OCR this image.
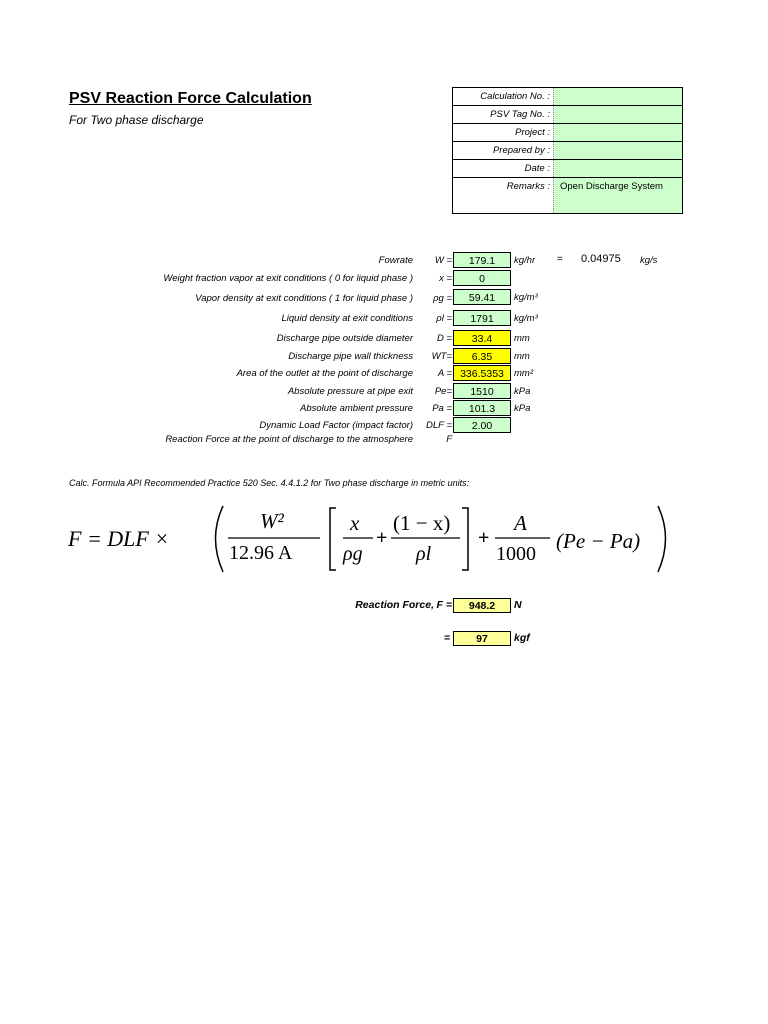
PSV Reaction Force Calculation
For Two phase discharge
Calculation No. :
PSV Tag No. :
Project :
Prepared by :
Date :
Remarks :	Open Discharge System
Fowrate W =	179.1	kg/hr = 0.04975 kg/s
Weight fraction vapor at exit conditions ( 0 for liquid phase )	x =	0
Vapor density at exit conditions ( 1 for liquid phase ) ρg =	59.41	kg/m³
Liquid density at exit conditions ρl =	1791	kg/m³
Discharge pipe outside diameter	D =	33.4	mm
Discharge pipe wall thickness WT=	6.35	mm
Area of the outlet at the point of discharge	A = 336.5353	mm²
Absolute pressure at pipe exit Pe=	1510	kPa
Absolute ambient pressure Pa =	101.3	kPa
Dynamic Load Factor (impact factor) DLF =	2.00
Reaction Force at the point of discharge to the atmosphere	F
Calc. Formula API Recommended Practice 520 Sec. 4.4.1.2 for Two phase discharge in metric units:
F = DLF ×
W²
12.96 A
x
ρg
+
(1 − x)
ρl
+
A
1000
(Pe − Pa)
Reaction Force, F =	948.2	N
=	97	kgf
